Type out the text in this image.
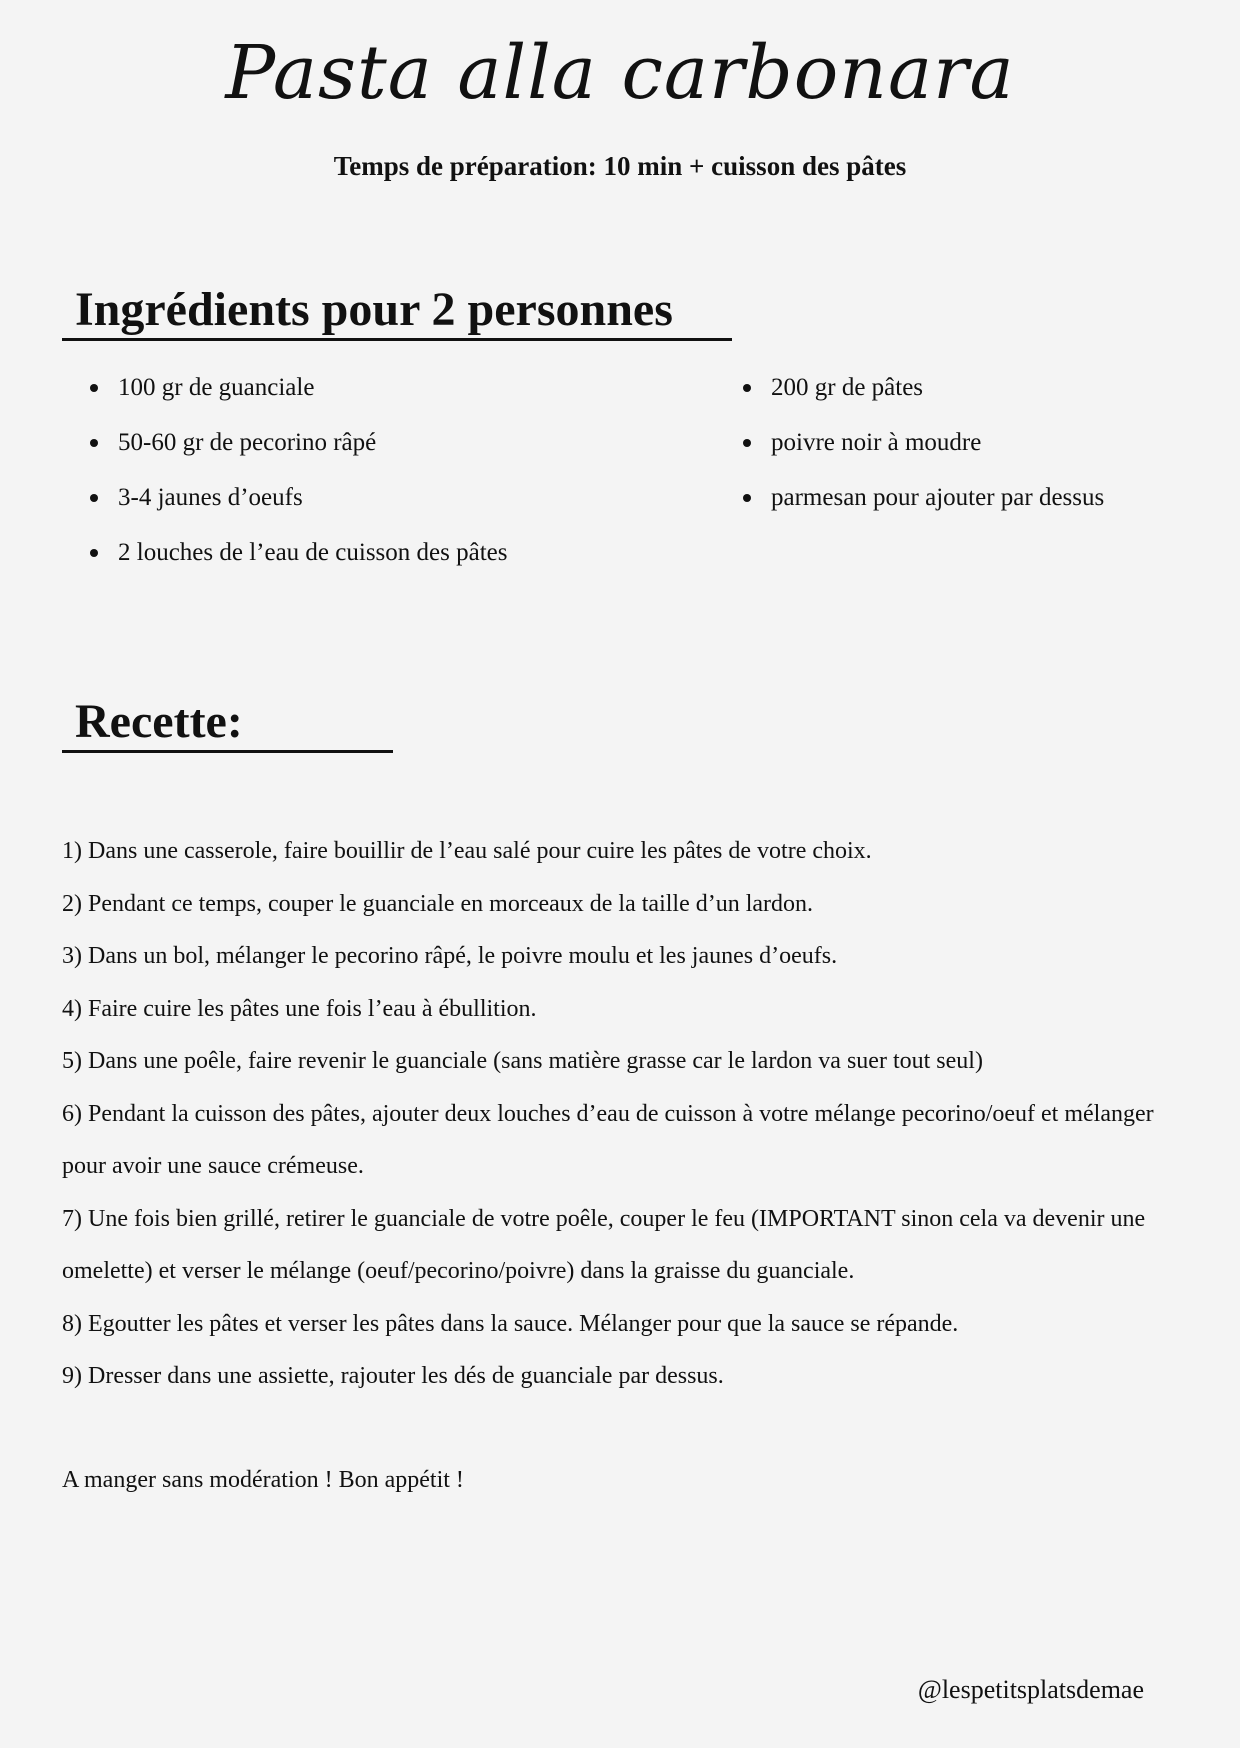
Pasta alla carbonara
Temps de préparation: 10 min + cuisson des pâtes
Ingrédients pour 2 personnes
100 gr de guanciale
50-60 gr de pecorino râpé
3-4 jaunes d’oeufs
2 louches de l’eau de cuisson des pâtes
200 gr de pâtes
poivre noir à moudre
parmesan pour ajouter par dessus
Recette:

1) Dans une casserole, faire bouillir de l’eau salé pour cuire les pâtes de votre choix.

2) Pendant ce temps, couper le guanciale en morceaux de la taille d’un lardon.

3) Dans un bol, mélanger le pecorino râpé, le poivre moulu et les jaunes d’oeufs.

4) Faire cuire les pâtes une fois l’eau à ébullition.

5) Dans une poêle, faire revenir le guanciale (sans matière grasse car le lardon va suer tout seul)

6) Pendant la cuisson des pâtes, ajouter deux louches d’eau de cuisson à votre mélange pecorino/oeuf et mélanger pour avoir une sauce crémeuse.

7) Une fois bien grillé, retirer le guanciale de votre poêle, couper le feu (IMPORTANT sinon cela va devenir une omelette) et verser le mélange (oeuf/pecorino/poivre) dans la graisse du guanciale.

8) Egoutter les pâtes et verser les pâtes dans la sauce. Mélanger pour que la sauce se répande.

9) Dresser dans une assiette, rajouter les dés de guanciale par dessus.

A manger sans modération ! Bon appétit !
@lespetitsplatsdemae
